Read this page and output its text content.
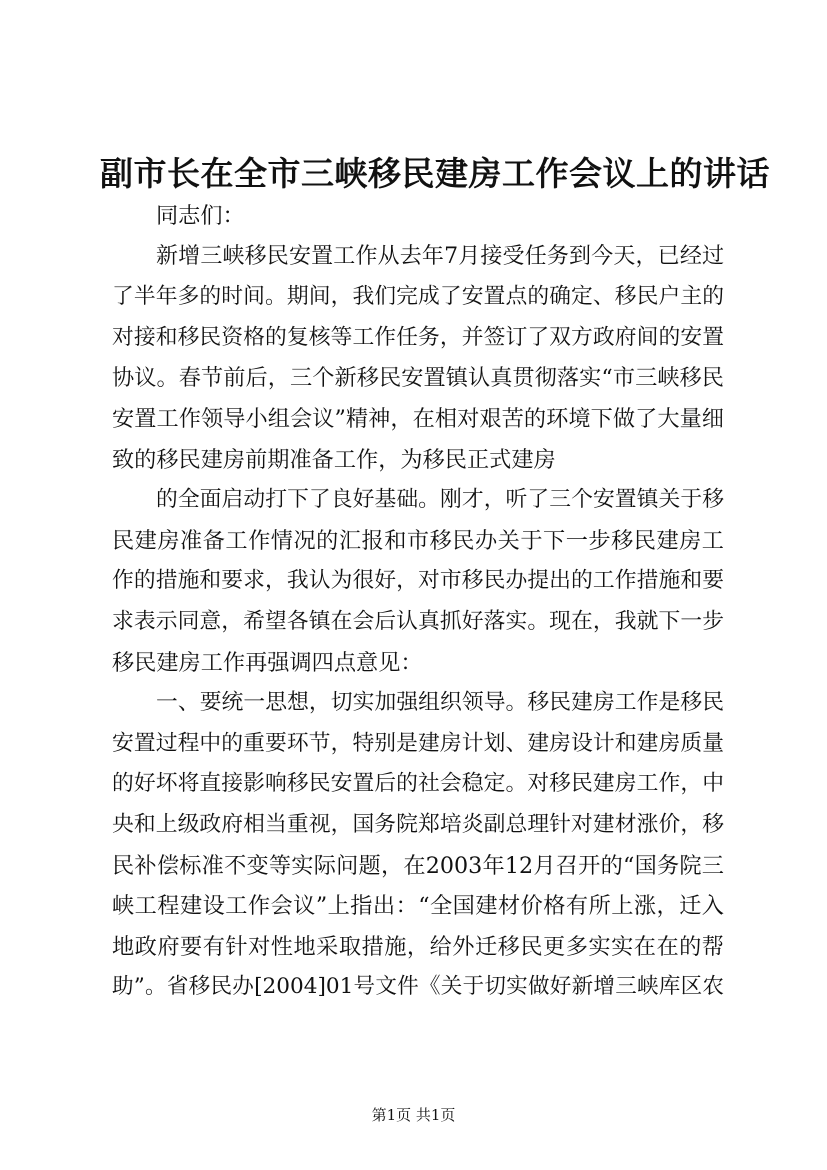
副市长在全市三峡移民建房工作会议上的讲话
同志们：
新增三峡移民安置工作从去年7月接受任务到今天，已经过
了半年多的时间。期间，我们完成了安置点的确定、移民户主的
对接和移民资格的复核等工作任务，并签订了双方政府间的安置
协议。春节前后，三个新移民安置镇认真贯彻落实“市三峡移民
安置工作领导小组会议”精神，在相对艰苦的环境下做了大量细
致的移民建房前期准备工作，为移民正式建房
的全面启动打下了良好基础。刚才，听了三个安置镇关于移
民建房准备工作情况的汇报和市移民办关于下一步移民建房工
作的措施和要求，我认为很好，对市移民办提出的工作措施和要
求表示同意，希望各镇在会后认真抓好落实。现在，我就下一步
移民建房工作再强调四点意见：
一、要统一思想，切实加强组织领导。移民建房工作是移民
安置过程中的重要环节，特别是建房计划、建房设计和建房质量
的好坏将直接影响移民安置后的社会稳定。对移民建房工作，中
央和上级政府相当重视，国务院郑培炎副总理针对建材涨价，移
民补偿标准不变等实际问题，在2003年12月召开的“国务院三
峡工程建设工作会议”上指出：“全国建材价格有所上涨，迁入
地政府要有针对性地采取措施，给外迁移民更多实实在在的帮
助”。省移民办[2004]01号文件《关于切实做好新增三峡库区农
第1页 共1页
